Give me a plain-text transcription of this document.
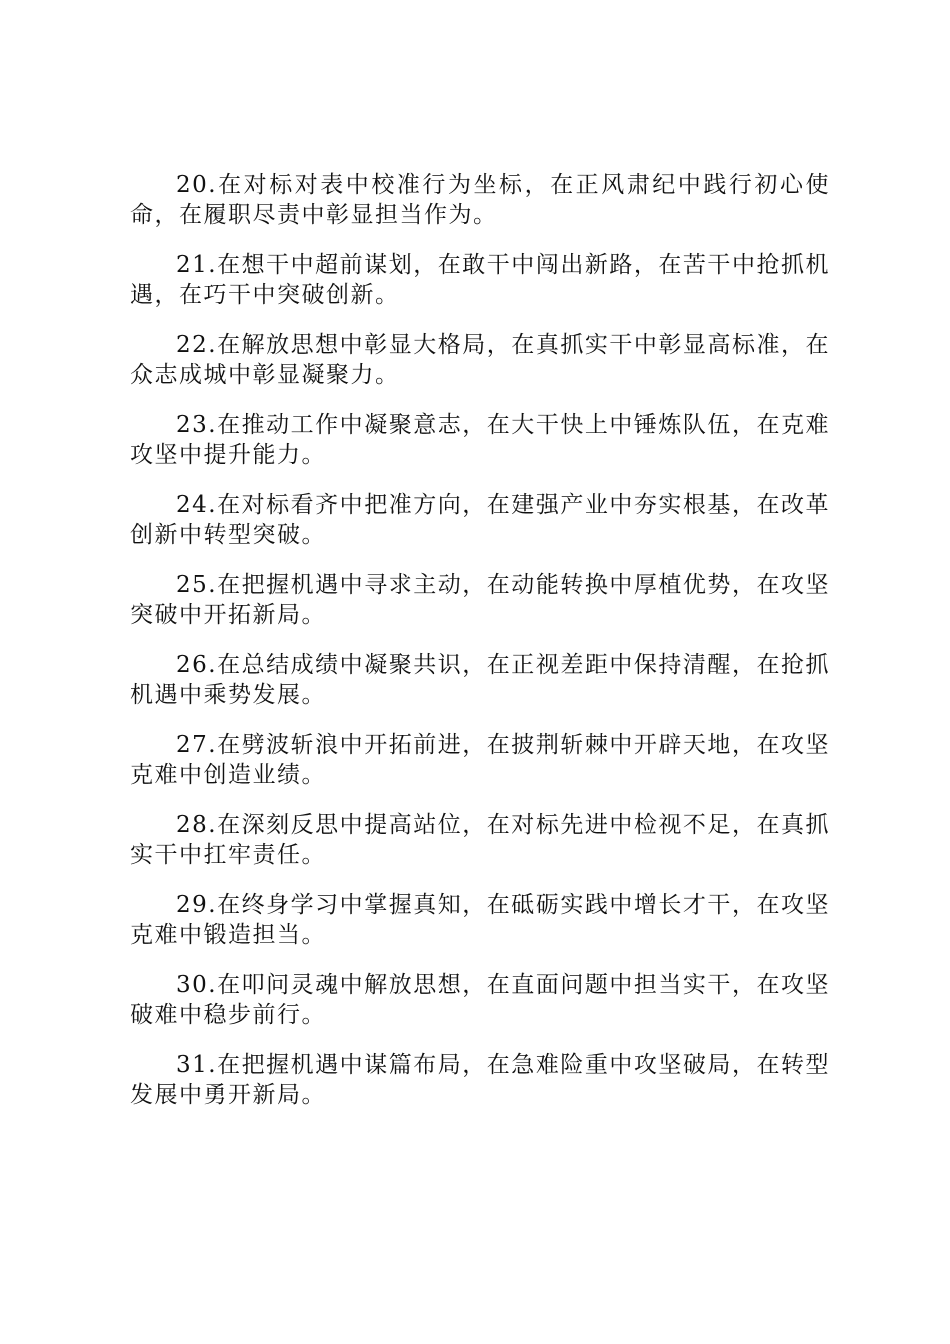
20.在对标对表中校准行为坐标，在正风肃纪中践行初心使命，在履职尽责中彰显担当作为。

21.在想干中超前谋划，在敢干中闯出新路，在苦干中抢抓机遇，在巧干中突破创新。

22.在解放思想中彰显大格局，在真抓实干中彰显高标准，在众志成城中彰显凝聚力。

23.在推动工作中凝聚意志，在大干快上中锤炼队伍，在克难攻坚中提升能力。

24.在对标看齐中把准方向，在建强产业中夯实根基，在改革创新中转型突破。

25.在把握机遇中寻求主动，在动能转换中厚植优势，在攻坚突破中开拓新局。

26.在总结成绩中凝聚共识，在正视差距中保持清醒，在抢抓机遇中乘势发展。

27.在劈波斩浪中开拓前进，在披荆斩棘中开辟天地，在攻坚克难中创造业绩。

28.在深刻反思中提高站位，在对标先进中检视不足，在真抓实干中扛牢责任。

29.在终身学习中掌握真知，在砥砺实践中增长才干，在攻坚克难中锻造担当。

30.在叩问灵魂中解放思想，在直面问题中担当实干，在攻坚破难中稳步前行。

31.在把握机遇中谋篇布局，在急难险重中攻坚破局，在转型发展中勇开新局。
